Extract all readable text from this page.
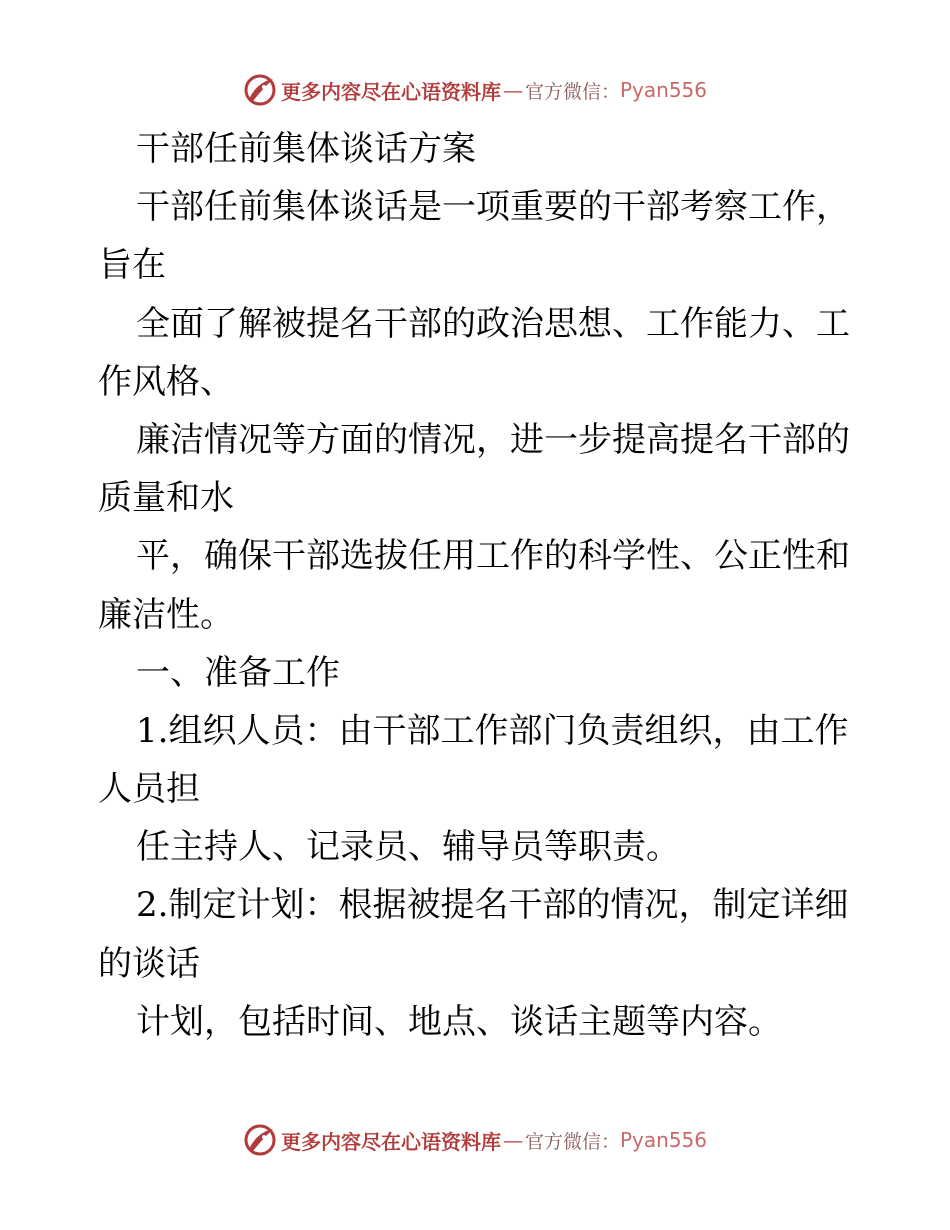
更多内容尽在心语资料库 — 官方微信： Pyan556
干部任前集体谈话方案
干部任前集体谈话是一项重要的干部考察工作，
旨在
全面了解被提名干部的政治思想、工作能力、工
作风格、
廉洁情况等方面的情况，进一步提高提名干部的
质量和水
平，确保干部选拔任用工作的科学性、公正性和
廉洁性。
一、准备工作
1.组织人员：由干部工作部门负责组织，由工作
人员担
任主持人、记录员、辅导员等职责。
2.制定计划：根据被提名干部的情况，制定详细
的谈话
计划，包括时间、地点、谈话主题等内容。
更多内容尽在心语资料库 — 官方微信： Pyan556
